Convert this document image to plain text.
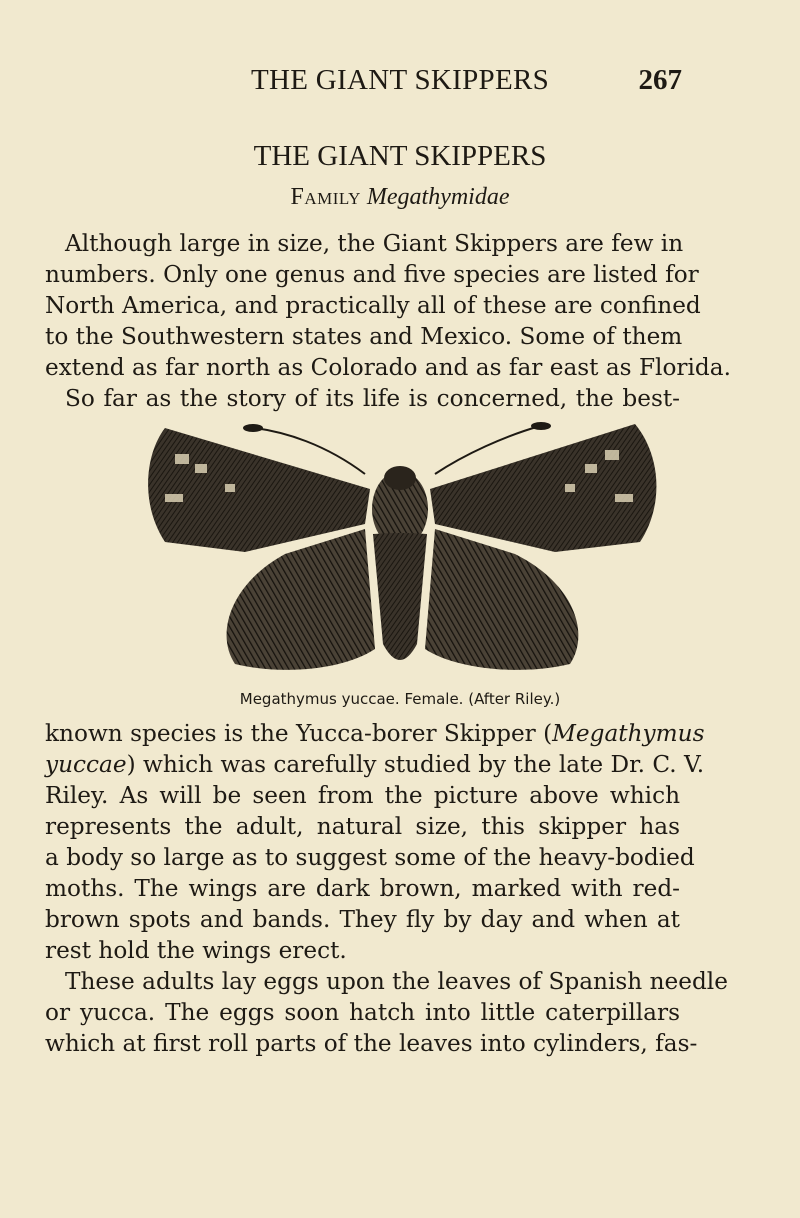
THE GIANT SKIPPERS	267
THE GIANT SKIPPERS
Family Megathymidae
Although large in size, the Giant Skippers are few in
numbers. Only one genus and five species are listed for
North America, and practically all of these are confined
to the Southwestern states and Mexico. Some of them
extend as far north as Colorado and as far east as Florida.
So far as the story of its life is concerned, the best-
Megathymus yuccae. Female. (After Riley.)
known species is the Yucca-borer Skipper (Megathymus
yuccae) which was carefully studied by the late Dr. C. V.
Riley. As will be seen from the picture above which
represents the adult, natural size, this skipper has
a body so large as to suggest some of the heavy-bodied
moths. The wings are dark brown, marked with red-
brown spots and bands. They fly by day and when at
rest hold the wings erect.
These adults lay eggs upon the leaves of Spanish needle
or yucca. The eggs soon hatch into little caterpillars
which at first roll parts of the leaves into cylinders, fas-
